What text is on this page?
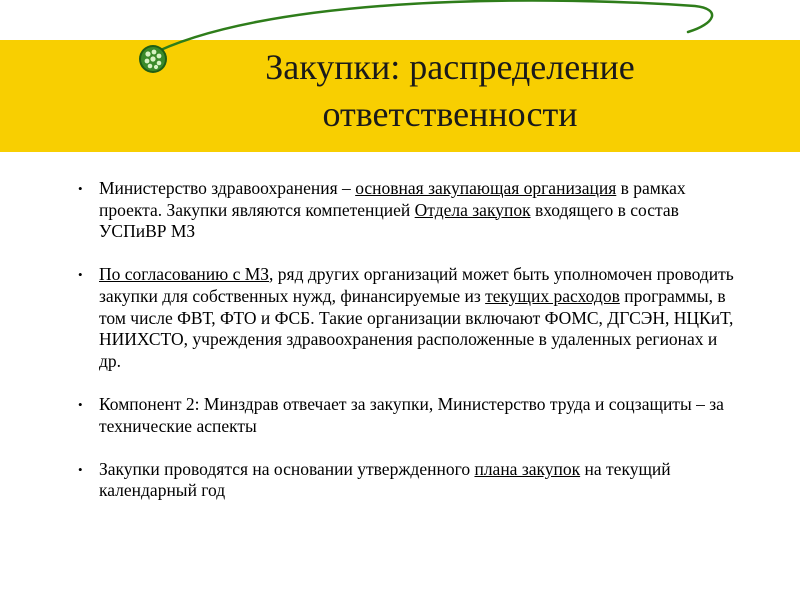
Закупки: распределение
ответственности
• Министерство здравоохранения – основная закупающая организация в рамках проекта. Закупки являются компетенцией Отдела закупок входящего в состав УСПиВР МЗ
• По согласованию с МЗ, ряд других организаций может быть уполномочен проводить закупки для собственных нужд, финансируемые из текущих расходов программы, в том числе ФВТ, ФТО и ФСБ. Такие организации включают ФОМС, ДГСЭН, НЦКиТ, НИИХСТО, учреждения здравоохранения расположенные в удаленных регионах и др.
• Компонент 2: Минздрав отвечает за закупки, Министерство труда и соцзащиты – за технические аспекты
• Закупки проводятся на основании утвержденного плана закупок на текущий календарный год
